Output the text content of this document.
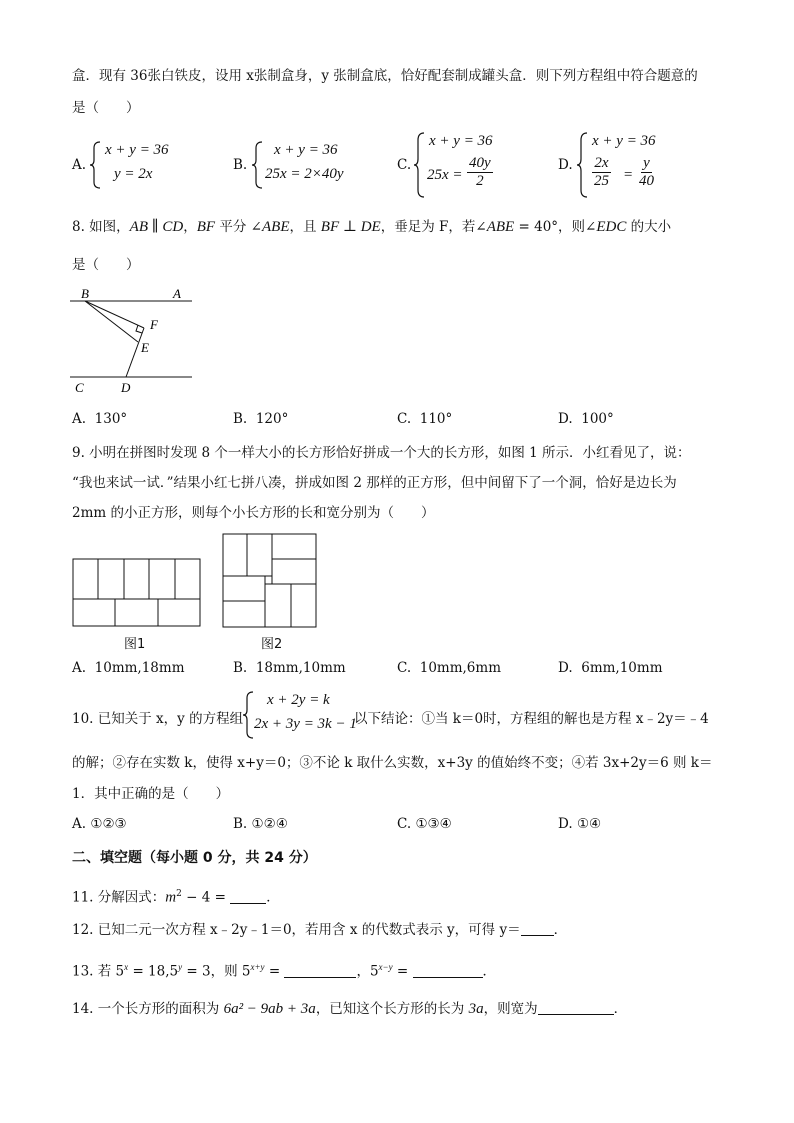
盒．现有 36张白铁皮，设用 x张制盒身，y 张制盒底，恰好配套制成罐头盒．则下列方程组中符合题意的
是（　　）
A.
x + y = 36
y = 2x
B.
x + y = 36
25x = 2×40y
C.
x + y = 36
$25x = \frac{40y}{2}$	D.
x + y = 36
$\frac{2x}{25} = \frac{y}{40}$
8. 如图，AB ∥ CD，BF 平分 ∠ABE，且 BF ⊥ DE，垂足为 F，若∠ABE = 40°，则∠EDC 的大小
是（　　）
B	A
F
E
C	D
A. 130°	B. 120°	C. 110°	D. 100°
9. 小明在拼图时发现 8 个一样大小的长方形恰好拼成一个大的长方形，如图 1 所示．小红看见了，说：
“我也来试一试．”结果小红七拼八凑，拼成如图 2 那样的正方形，但中间留下了一个洞，恰好是边长为
2mm 的小正方形，则每个小长方形的长和宽分别为（　　）
图1	图2
A. 10mm,18mm	B. 18mm,10mm	C. 10mm,6mm	D. 6mm,10mm
10. 已知关于 x，y 的方程组
x + 2y = k
2x + 3y = 3k − 1
以下结论：①当 k＝0时，方程组的解也是方程 x﹣2y＝﹣4
的解；②存在实数 k，使得 x+y＝0；③不论 k 取什么实数，x+3y 的值始终不变；④若 3x+2y＝6 则 k＝
1．其中正确的是（　　）
A. ①②③	B. ①②④	C. ①③④	D. ①④
二、填空题（每小题 0 分，共 24 分）
11. 分解因式：$m^2 - 4$ =	．
12. 已知二元一次方程 x﹣2y﹣1＝0，若用含 x 的代数式表示 y，可得 y＝ ．
13. 若 $5^x = 18,5^y = 3$，则 $5^{x+y}$ =	，$5^{x-y}$ =	．
14. 一个长方形的面积为 6a² − 9ab + 3a，已知这个长方形的长为 3a，则宽为	．
